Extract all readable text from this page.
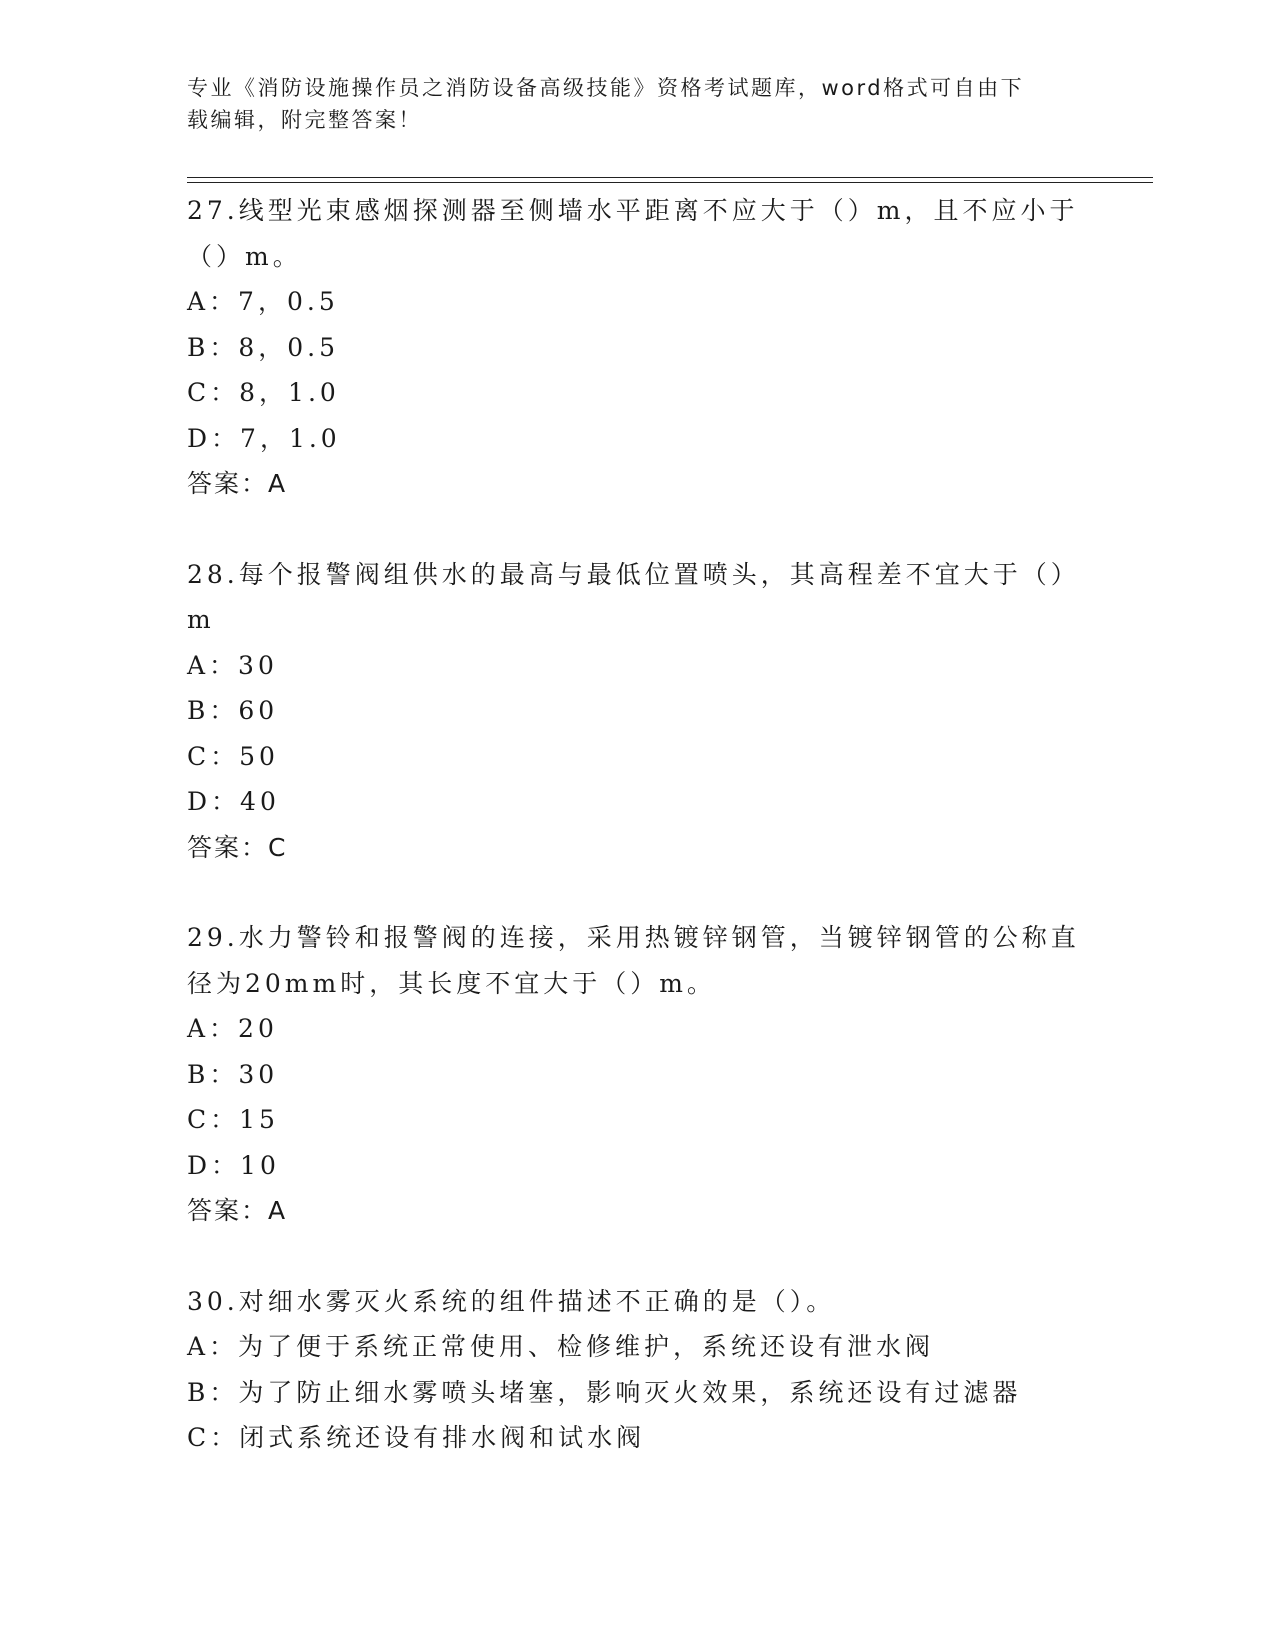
专业《消防设施操作员之消防设备高级技能》资格考试题库，word格式可自由下
载编辑，附完整答案！

27.线型光束感烟探测器至侧墙水平距离不应大于（）m，且不应小于

（）m。

A：7，0.5

B：8，0.5

C：8，1.0

D：7，1.0

答案：A

28.每个报警阀组供水的最高与最低位置喷头，其高程差不宜大于（）

m

A：30

B：60

C：50

D：40

答案：C

29.水力警铃和报警阀的连接，采用热镀锌钢管，当镀锌钢管的公称直

径为20mm时，其长度不宜大于（）m。

A：20

B：30

C：15

D：10

答案：A

30.对细水雾灭火系统的组件描述不正确的是（）。

A：为了便于系统正常使用、检修维护，系统还设有泄水阀

B：为了防止细水雾喷头堵塞，影响灭火效果，系统还设有过滤器

C：闭式系统还设有排水阀和试水阀
